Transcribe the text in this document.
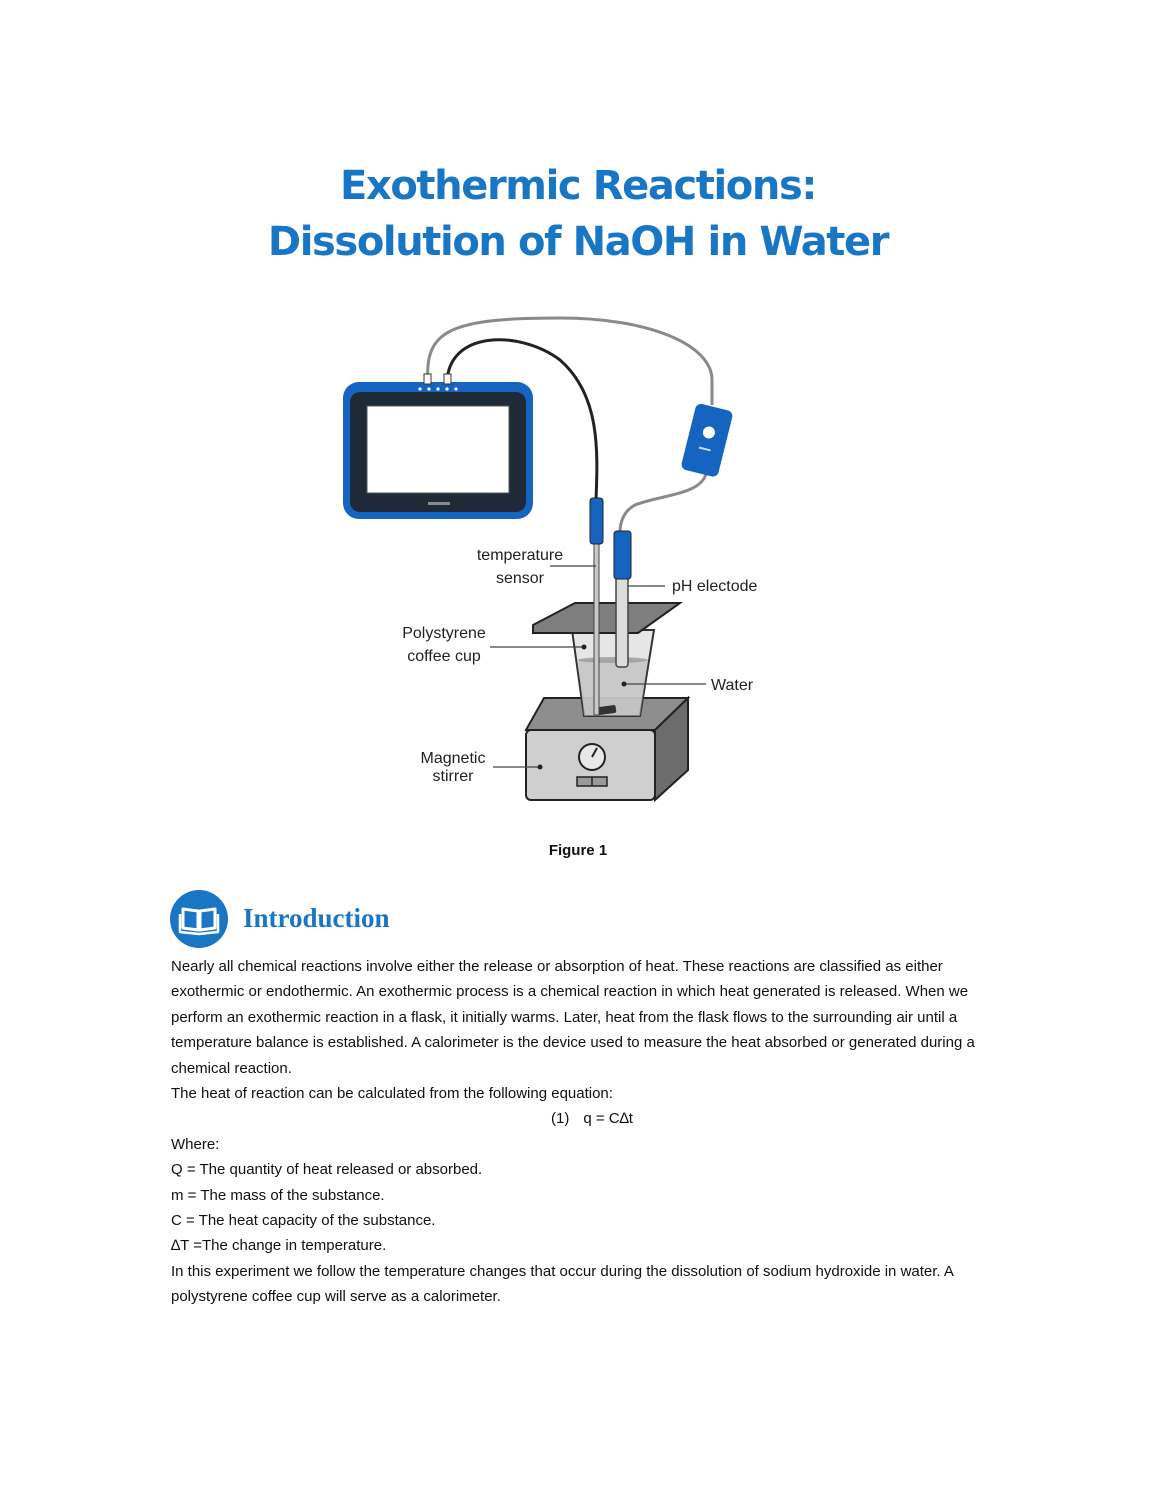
Exothermic Reactions:
Dissolution of NaOH in Water
temperature
sensor	pH electode
Polystyrene
coffee cup
Water
Magnetic
stirrer
Figure 1
Introduction

Nearly all chemical reactions involve either the release or absorption of heat. These reactions are classified as either exothermic or endothermic. An exothermic process is a chemical reaction in which heat generated is released. When we perform an exothermic reaction in a flask, it initially warms. Later, heat from the flask flows to the surrounding air until a temperature balance is established. A calorimeter is the device used to measure the heat absorbed or generated during a chemical reaction.

The heat of reaction can be calculated from the following equation:

(1) q = C∆t

Where:

Q = The quantity of heat released or absorbed.

m = The mass of the substance.

C = The heat capacity of the substance.

∆T =The change in temperature.

In this experiment we follow the temperature changes that occur during the dissolution of sodium hydroxide in water. A polystyrene coffee cup will serve as a calorimeter.
